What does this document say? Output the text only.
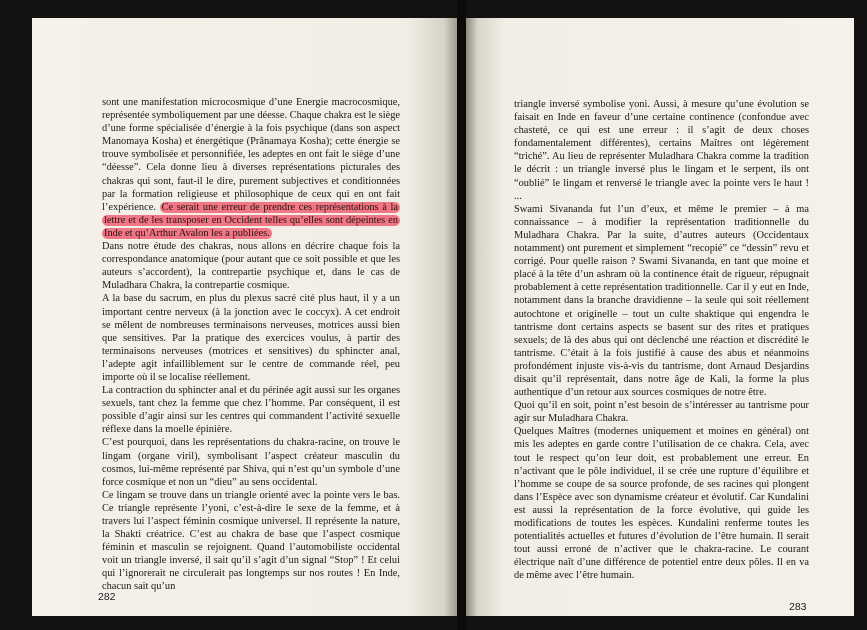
sont une manifestation microcosmique d’une Energie macrocosmique, représentée symboliquement par une déesse. Chaque chakra est le siège d’une forme spécialisée d’énergie à la fois psychique (dans son aspect Manomaya Kosha) et énergétique (Prânamaya Kosha); cette énergie se trouve symbolisée et personnifiée, les adeptes en ont fait le siège d’une “déesse”. Cela donne lieu à diverses représentations picturales des chakras qui sont, faut-il le dire, purement subjectives et conditionnées par la formation religieuse et philosophique de ceux qui en ont fait l’expérience. Ce serait une erreur de prendre ces représentations à la lettre et de les transposer en Occident telles qu’elles sont dépeintes en Inde et qu’Arthur Avalon les a publiées.

Dans notre étude des chakras, nous allons en décrire chaque fois la correspondance anatomique (pour autant que ce soit possible et que les auteurs s’accordent), la contrepartie psychique et, dans le cas de Muladhara Chakra, la contrepartie cosmique.

A la base du sacrum, en plus du plexus sacré cité plus haut, il y a un important centre nerveux (à la jonction avec le coccyx). A cet endroit se mêlent de nombreuses terminaisons nerveuses, motrices aussi bien que sensitives. Par la pratique des exercices voulus, à partir des terminaisons nerveuses (motrices et sensitives) du sphincter anal, l’adepte agit infailliblement sur le centre de commande réel, peu importe où il se localise réellement.

La contraction du sphincter anal et du périnée agit aussi sur les organes sexuels, tant chez la femme que chez l’homme. Par conséquent, il est possible d’agir ainsi sur les centres qui commandent l’activité sexuelle réflexe dans la moelle épinière.

C’est pourquoi, dans les représentations du chakra-racine, on trouve le lingam (organe viril), symbolisant l’aspect créateur masculin du cosmos, lui-même représenté par Shiva, qui n’est qu’un symbole d’une force cosmique et non un “dieu” au sens occidental.

Ce lingam se trouve dans un triangle orienté avec la pointe vers le bas. Ce triangle représente l’yoni, c’est-à-dire le sexe de la femme, et à travers lui l’aspect féminin cosmique universel. Il représente la nature, la Shakti créatrice. C’est au chakra de base que l’aspect cosmique féminin et masculin se rejoignent. Quand l’automobiliste occidental voit un triangle inversé, il sait qu’il s’agit d’un signal “Stop” ! Et celui qui l’ignorerait ne circulerait pas longtemps sur nos routes ! En Inde, chacun sait qu’un

282

triangle inversé symbolise yoni. Aussi, à mesure qu’une évolution se faisait en Inde en faveur d’une certaine continence (confondue avec chasteté, ce qui est une erreur : il s’agit de deux choses fondamentalement différentes), certains Maîtres ont légèrement “triché”. Au lieu de représenter Muladhara Chakra comme la tradition le décrit : un triangle inversé plus le lingam et le serpent, ils ont “oublié” le lingam et renversé le triangle avec la pointe vers le haut ! ...

Swami Sivananda fut l’un d’eux, et même le premier – à ma connaissance – à modifier la représentation traditionnelle du Muladhara Chakra. Par la suite, d’autres auteurs (Occidentaux notamment) ont purement et simplement “recopié” ce “dessin” revu et corrigé. Pour quelle raison ? Swami Sivananda, en tant que moine et placé à la tête d’un ashram où la continence était de rigueur, répugnait probablement à cette représentation traditionnelle. Car il y eut en Inde, notamment dans la branche dravidienne – la seule qui soit réellement autochtone et originelle – tout un culte shaktique qui engendra le tantrisme dont certains aspects se basent sur des rites et pratiques sexuels; de là des abus qui ont déclenché une réaction et discrédité le tantrisme. C’était à la fois justifié à cause des abus et néanmoins profondément injuste vis-à-vis du tantrisme, dont Arnaud Desjardins disait qu’il représentait, dans notre âge de Kali, la forme la plus authentique d’un retour aux sources cosmiques de notre être.

Quoi qu’il en soit, point n’est besoin de s’intéresser au tantrisme pour agir sur Muladhara Chakra.

Quelques Maîtres (modernes uniquement et moines en général) ont mis les adeptes en garde contre l’utilisation de ce chakra. Cela, avec tout le respect qu’on leur doit, est probablement une erreur. En n’activant que le pôle individuel, il se crée une rupture d’équilibre et l’homme se coupe de sa source profonde, de ses racines qui plongent dans l’Espèce avec son dynamisme créateur et évolutif. Car Kundalini est aussi la représentation de la force évolutive, qui guide les modifications de toutes les espèces. Kundalini renferme toutes les potentialités actuelles et futures d’évolution de l’être humain. Il serait tout aussi erroné de n’activer que le chakra-racine. Le courant électrique naît d’une différence de potentiel entre deux pôles. Il en va de même avec l’être humain.

283
